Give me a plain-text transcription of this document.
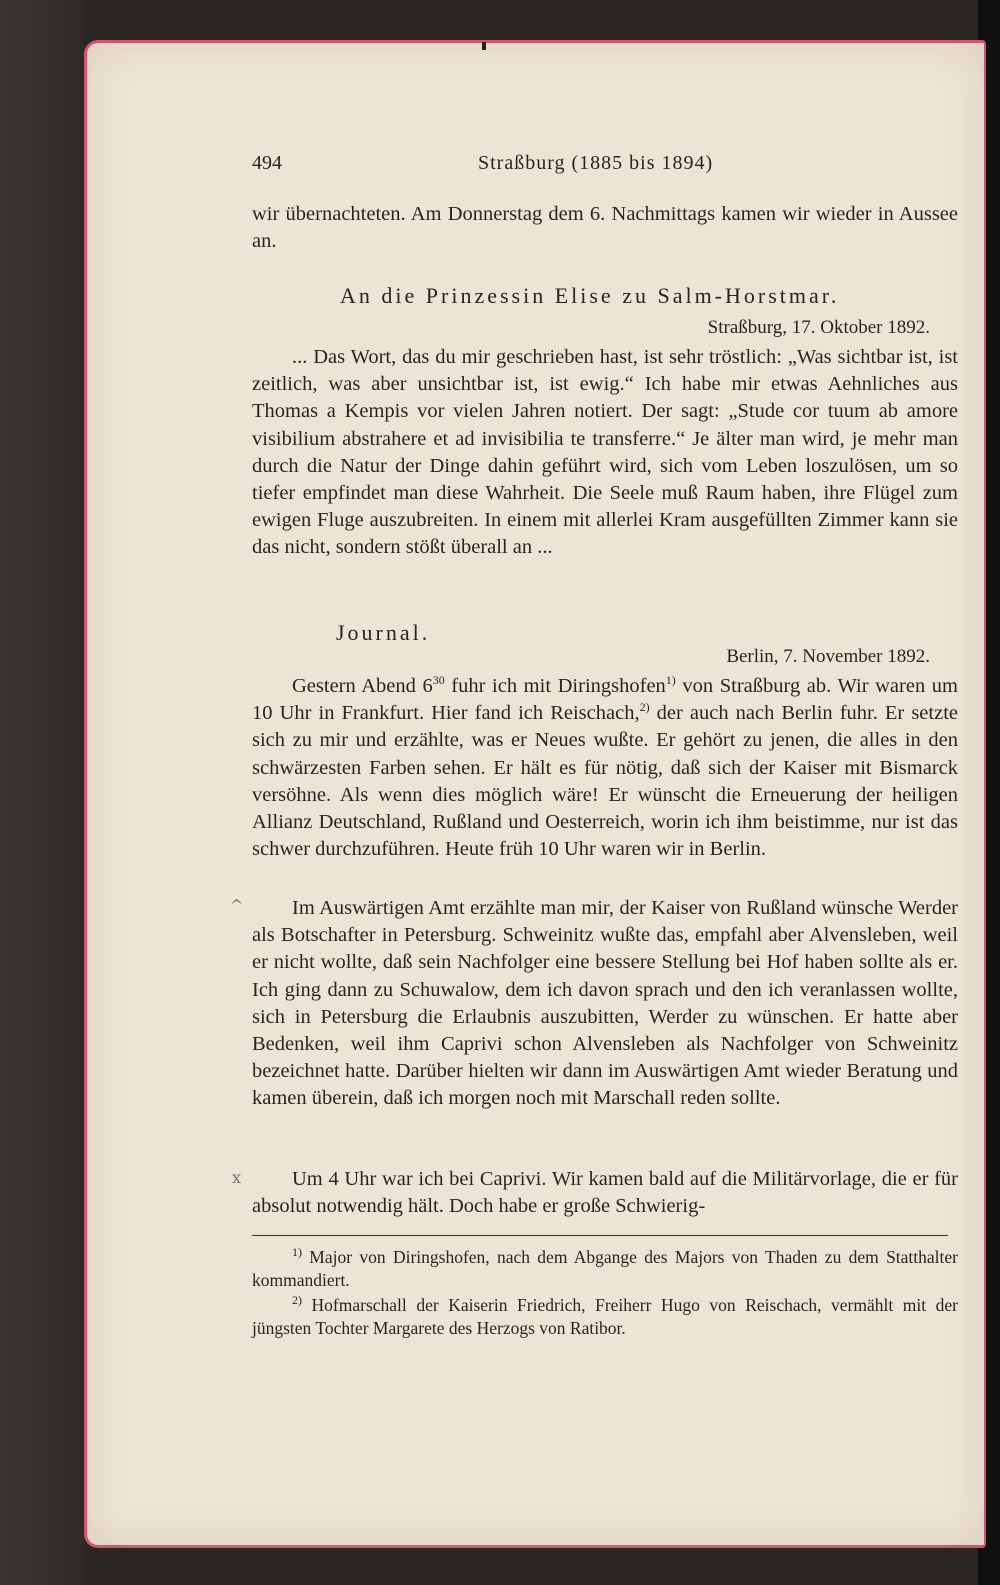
494	Straßburg (1885 bis 1894)

wir übernachteten. Am Donnerstag dem 6. Nachmittags kamen wir wieder in Aussee an.

An die Prinzessin Elise zu Salm-Horstmar.
Straßburg, 17. Oktober 1892.

... Das Wort, das du mir geschrieben hast, ist sehr tröstlich: „Was sichtbar ist, ist zeitlich, was aber unsichtbar ist, ist ewig.“ Ich habe mir etwas Aehnliches aus Thomas a Kempis vor vielen Jahren notiert. Der sagt: „Stude cor tuum ab amore visibilium abstrahere et ad invisibilia te transferre.“ Je älter man wird, je mehr man durch die Natur der Dinge dahin geführt wird, sich vom Leben loszulösen, um so tiefer empfindet man diese Wahrheit. Die Seele muß Raum haben, ihre Flügel zum ewigen Fluge auszubreiten. In einem mit allerlei Kram ausgefüllten Zimmer kann sie das nicht, sondern stößt überall an ...

Journal.
Berlin, 7. November 1892.

Gestern Abend $6^{30}$ fuhr ich mit Diringshofen$^{1)}$ von Straßburg ab. Wir waren um 10 Uhr in Frankfurt. Hier fand ich Reischach,$^{2)}$ der auch nach Berlin fuhr. Er setzte sich zu mir und erzählte, was er Neues wußte. Er gehört zu jenen, die alles in den schwärzesten Farben sehen. Er hält es für nötig, daß sich der Kaiser mit Bismarck versöhne. Als wenn dies möglich wäre! Er wünscht die Erneuerung der heiligen Allianz Deutschland, Rußland und Oesterreich, worin ich ihm beistimme, nur ist das schwer durchzuführen. Heute früh 10 Uhr waren wir in Berlin.

^	Im Auswärtigen Amt erzählte man mir, der Kaiser von Rußland wünsche Werder als Botschafter in Petersburg. Schweinitz wußte das, empfahl aber Alvensleben, weil er nicht wollte, daß sein Nachfolger eine bessere Stellung bei Hof haben sollte als er. Ich ging dann zu Schuwalow, dem ich davon sprach und den ich veranlassen wollte, sich in Petersburg die Erlaubnis auszubitten, Werder zu wünschen. Er hatte aber Bedenken, weil ihm Caprivi schon Alvensleben als Nachfolger von Schweinitz bezeichnet hatte. Darüber hielten wir dann im Auswärtigen Amt wieder Beratung und kamen überein, daß ich morgen noch mit Marschall reden sollte.

x	Um 4 Uhr war ich bei Caprivi. Wir kamen bald auf die Militärvorlage, die er für absolut notwendig hält. Doch habe er große Schwierig-

$^{1)}$ Major von Diringshofen, nach dem Abgange des Majors von Thaden zu dem Statthalter kommandiert.

$^{2)}$ Hofmarschall der Kaiserin Friedrich, Freiherr Hugo von Reischach, vermählt mit der jüngsten Tochter Margarete des Herzogs von Ratibor.
